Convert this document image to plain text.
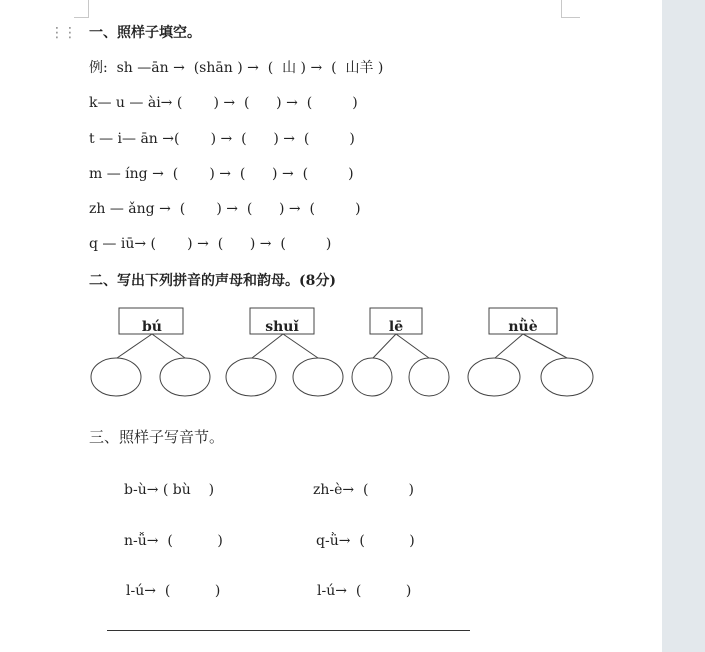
⋮⋮ 一、照样子填空。
例:  sh —ān →  (shān ) →  (  山 ) →  (  山羊 )
k— u — ài→ (       ) →  (      ) →  (         )
t — i— ān →(       ) →  (      ) →  (         )
m — íng →  (       ) →  (      ) →  (         )
zh — ǎng →  (       ) →  (      ) →  (         )
q — iū→ (       ) →  (      ) →  (         )
二、写出下列拼音的声母和韵母。(8分)
bú	shuǐ	lē	nǜè
三、照样子写音节。
b-ù→ ( bù    )	zh-è→  (         )
n-ǚ→  (          )	q-ǜ→  (          )
l-ú→  (          )	l-ú→  (          )
